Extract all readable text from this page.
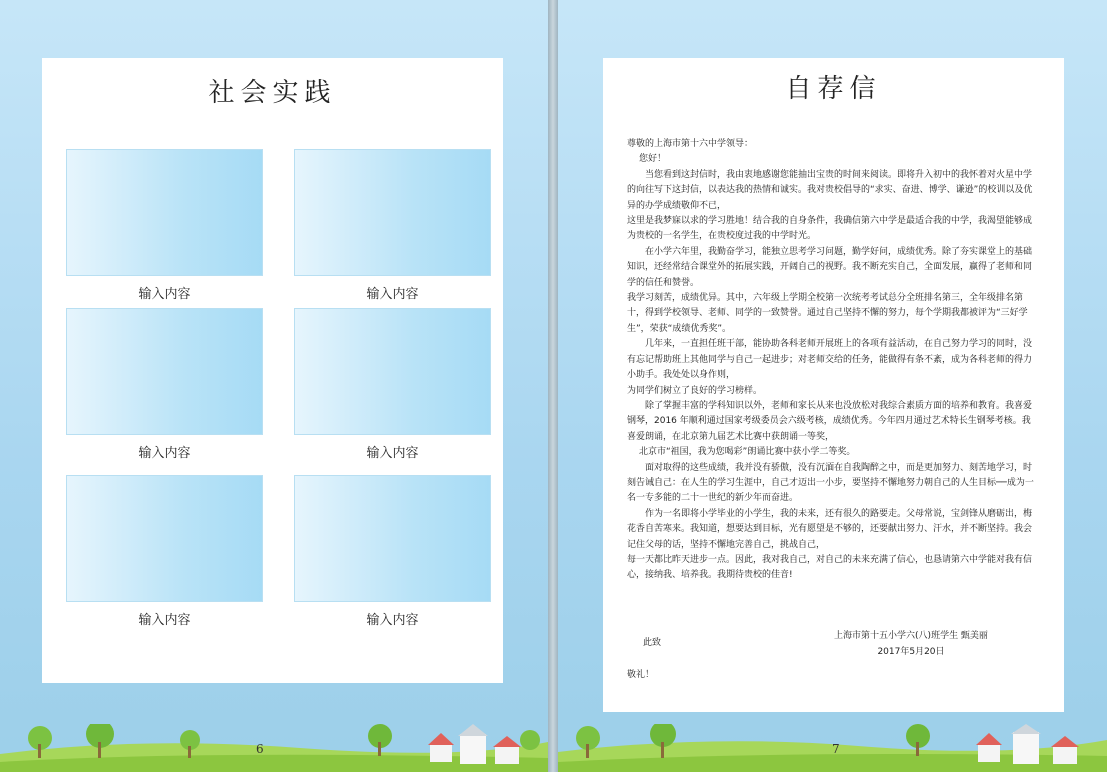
社会实践
输入内容	输入内容
输入内容	输入内容
输入内容	输入内容
6
自荐信

尊敬的上海市第十六中学领导：

您好！

当您看到这封信时，我由衷地感谢您能抽出宝贵的时间来阅读。即将升入初中的我怀着对火星中学的向往写下这封信，以表达我的热情和诚实。我对贵校倡导的“求实、奋进、博学、谦逊”的校训以及优异的办学成绩敬仰不已，

这里是我梦寐以求的学习胜地！结合我的自身条件，我确信第六中学是最适合我的中学，我渴望能够成为贵校的一名学生，在贵校度过我的中学时光。

在小学六年里，我勤奋学习，能独立思考学习问题，勤学好问，成绩优秀。除了夯实课堂上的基础知识，还经常结合课堂外的拓展实践，开阔自己的视野。我不断充实自己，全面发展，赢得了老师和同学的信任和赞誉。

我学习刻苦，成绩优异。其中，六年级上学期全校第一次统考考试总分全班排名第三，全年级排名第十，得到学校领导、老师、同学的一致赞誉。通过自己坚持不懈的努力，每个学期我都被评为“三好学生”，荣获“成绩优秀奖”。

几年来，一直担任班干部，能协助各科老师开展班上的各项有益活动，在自己努力学习的同时，没有忘记帮助班上其他同学与自己一起进步；对老师交给的任务，能做得有条不紊，成为各科老师的得力小助手。我处处以身作则，

为同学们树立了良好的学习榜样。

除了掌握丰富的学科知识以外，老师和家长从来也没放松对我综合素质方面的培养和教育。我喜爱钢琴，2016 年顺利通过国家考级委员会六级考核，成绩优秀。今年四月通过艺术特长生钢琴考核。我喜爱朗诵，在北京第九届艺术比赛中获朗诵一等奖，

北京市“祖国，我为您喝彩”朗诵比赛中获小学二等奖。

面对取得的这些成绩，我并没有骄傲，没有沉湎在自我陶醉之中，而是更加努力、刻苦地学习，时刻告诫自己：在人生的学习生涯中，自己才迈出一小步，要坚持不懈地努力朝自己的人生目标──成为一名一专多能的二十一世纪的新少年而奋进。

作为一名即将小学毕业的小学生，我的未来，还有很久的路要走。父母常说，宝剑锋从磨砺出，梅花香自苦寒来。我知道，想要达到目标，光有愿望是不够的，还要献出努力、汗水，并不断坚持。我会记住父母的话，坚持不懈地完善自己，挑战自己，

每一天都比昨天进步一点。因此，我对我自己，对自己的未来充满了信心，也恳请第六中学能对我有信心，接纳我、培养我。我期待贵校的佳音!

此致
上海市第十五小学六(八)班学生 甄美丽
2017年5月20日
敬礼！
7
